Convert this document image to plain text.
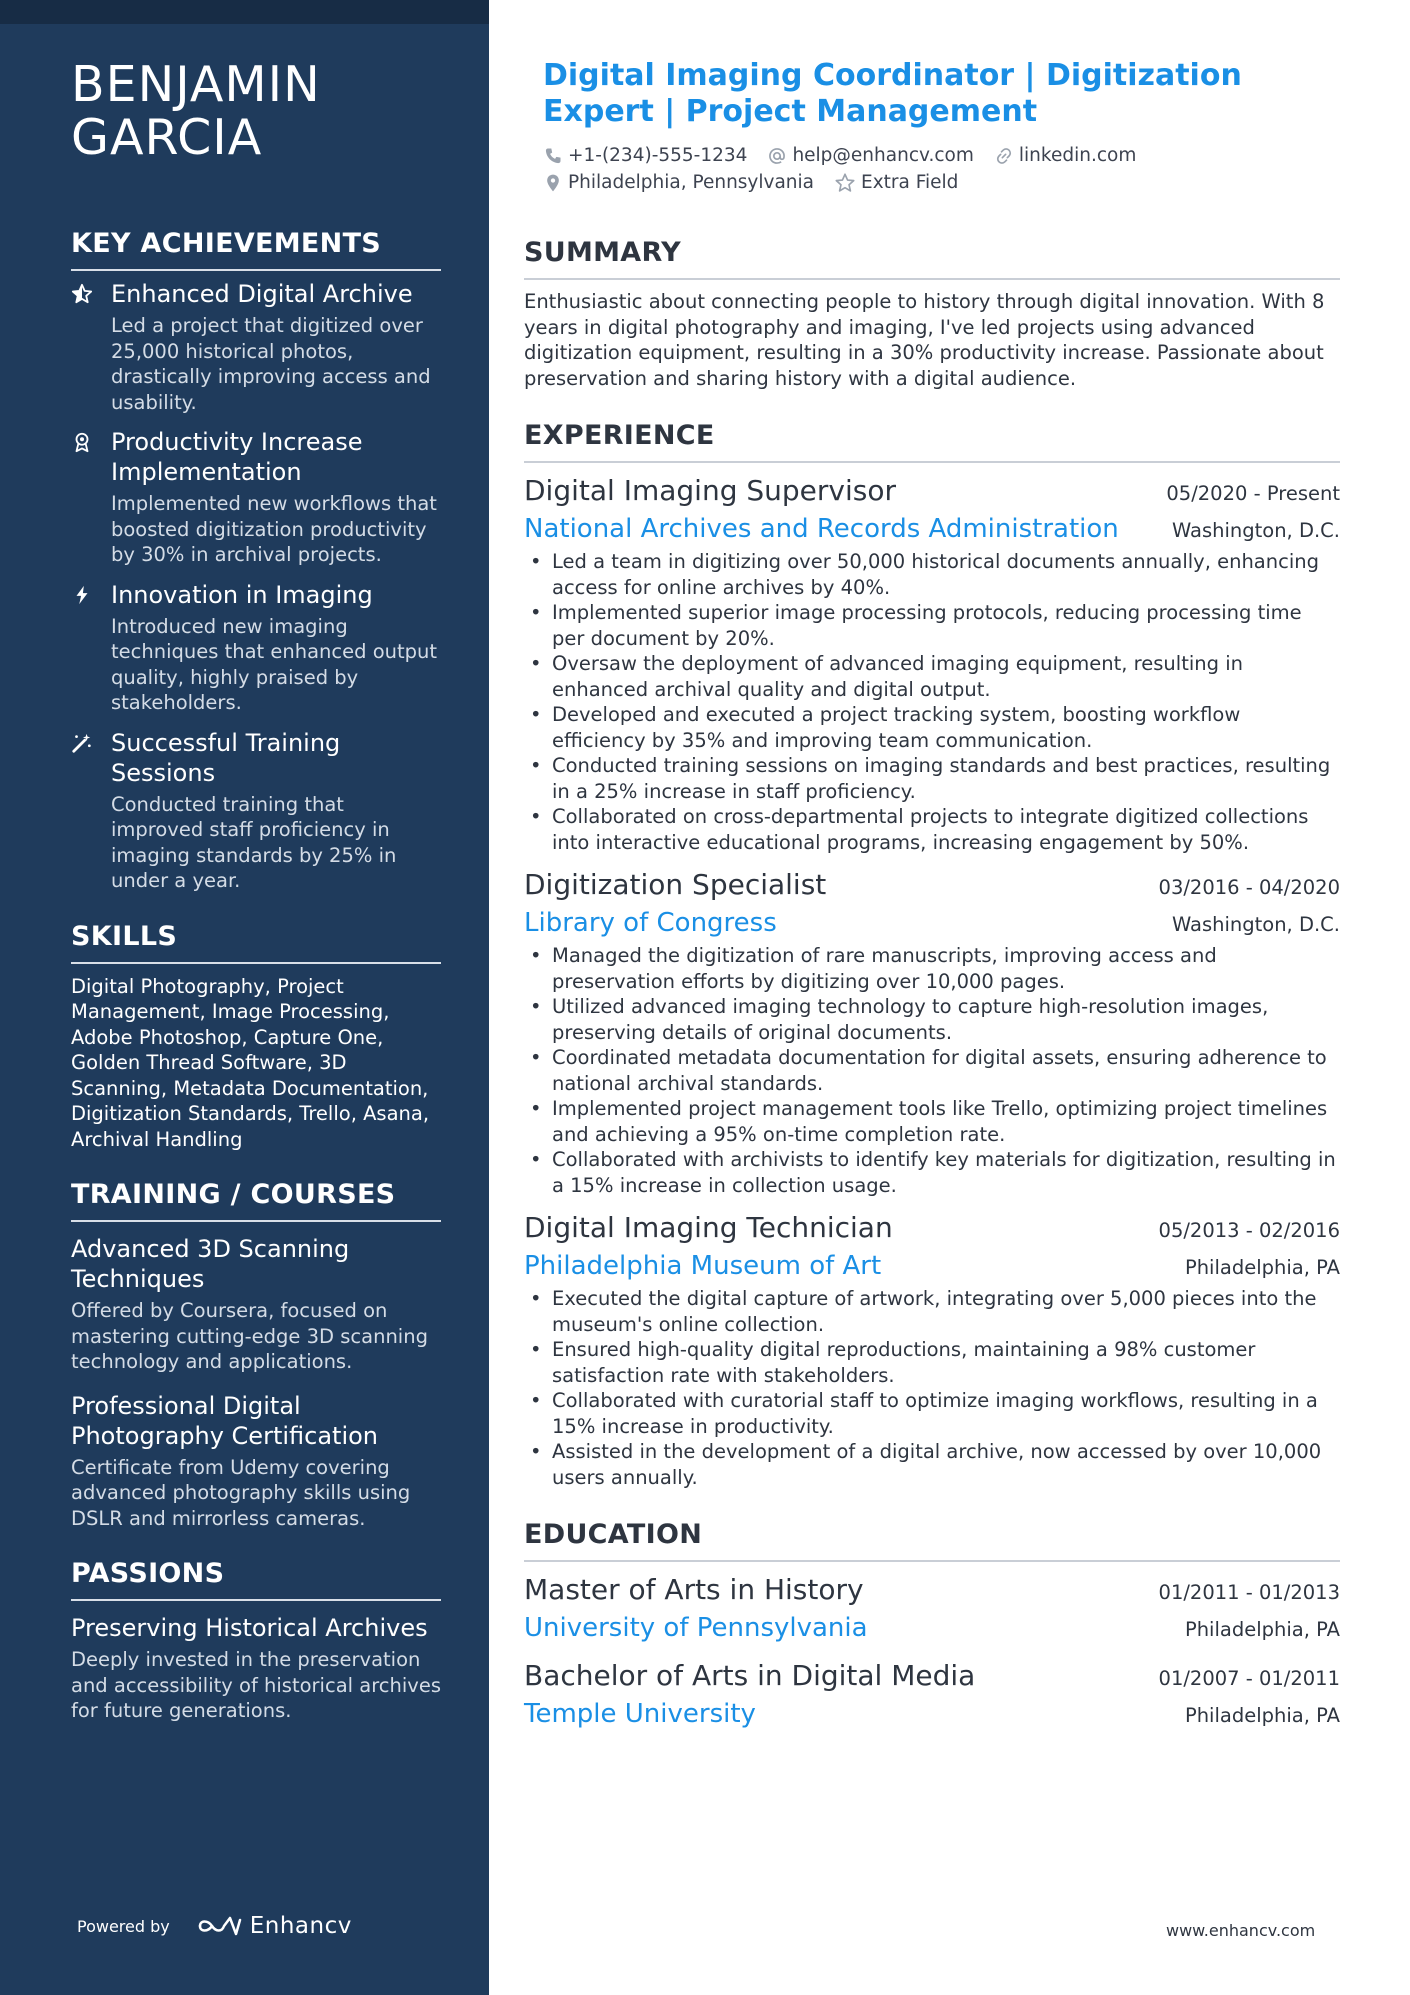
BENJAMIN
GARCIA
KEY ACHIEVEMENTS

Enhanced Digital Archive

Led a project that digitized over 25,000 historical photos, drastically improving access and usability.

Productivity Increase Implementation

Implemented new workflows that boosted digitization productivity by 30% in archival projects.

Innovation in Imaging

Introduced new imaging techniques that enhanced output quality, highly praised by stakeholders.

Successful Training Sessions

Conducted training that improved staff proficiency in imaging standards by 25% in under a year.

SKILLS

Digital Photography, Project Management, Image Processing, Adobe Photoshop, Capture One, Golden Thread Software, 3D Scanning, Metadata Documentation, Digitization Standards, Trello, Asana, Archival Handling

TRAINING / COURSES

Advanced 3D Scanning Techniques

Offered by Coursera, focused on mastering cutting-edge 3D scanning technology and applications.

Professional Digital Photography Certification

Certificate from Udemy covering advanced photography skills using DSLR and mirrorless cameras.

PASSIONS

Preserving Historical Archives

Deeply invested in the preservation and accessibility of historical archives for future generations.

Powered by	Enhancv
Digital Imaging Coordinator | Digitization Expert | Project Management
+1-(234)-555-1234 help@enhancv.com linkedin.com
Philadelphia, Pennsylvania	Extra Field
SUMMARY

Enthusiastic about connecting people to history through digital innovation. With 8 years in digital photography and imaging, I've led projects using advanced digitization equipment, resulting in a 30% productivity increase. Passionate about preservation and sharing history with a digital audience.

EXPERIENCE
Digital Imaging Supervisor	05/2020 - Present
National Archives and Records Administration	Washington, D.C.
• Led a team in digitizing over 50,000 historical documents annually, enhancing access for online archives by 40%.
• Implemented superior image processing protocols, reducing processing time per document by 20%.
• Oversaw the deployment of advanced imaging equipment, resulting in enhanced archival quality and digital output.
• Developed and executed a project tracking system, boosting workflow efficiency by 35% and improving team communication.
• Conducted training sessions on imaging standards and best practices, resulting in a 25% increase in staff proficiency.
• Collaborated on cross-departmental projects to integrate digitized collections into interactive educational programs, increasing engagement by 50%.
Digitization Specialist	03/2016 - 04/2020
Library of Congress	Washington, D.C.
• Managed the digitization of rare manuscripts, improving access and preservation efforts by digitizing over 10,000 pages.
• Utilized advanced imaging technology to capture high-resolution images, preserving details of original documents.
• Coordinated metadata documentation for digital assets, ensuring adherence to national archival standards.
• Implemented project management tools like Trello, optimizing project timelines and achieving a 95% on-time completion rate.
• Collaborated with archivists to identify key materials for digitization, resulting in a 15% increase in collection usage.
Digital Imaging Technician	05/2013 - 02/2016
Philadelphia Museum of Art	Philadelphia, PA
• Executed the digital capture of artwork, integrating over 5,000 pieces into the museum's online collection.
• Ensured high-quality digital reproductions, maintaining a 98% customer satisfaction rate with stakeholders.
• Collaborated with curatorial staff to optimize imaging workflows, resulting in a 15% increase in productivity.
• Assisted in the development of a digital archive, now accessed by over 10,000 users annually.
EDUCATION
Master of Arts in History	01/2011 - 01/2013
University of Pennsylvania	Philadelphia, PA
Bachelor of Arts in Digital Media	01/2007 - 01/2011
Temple University	Philadelphia, PA
www.enhancv.com
